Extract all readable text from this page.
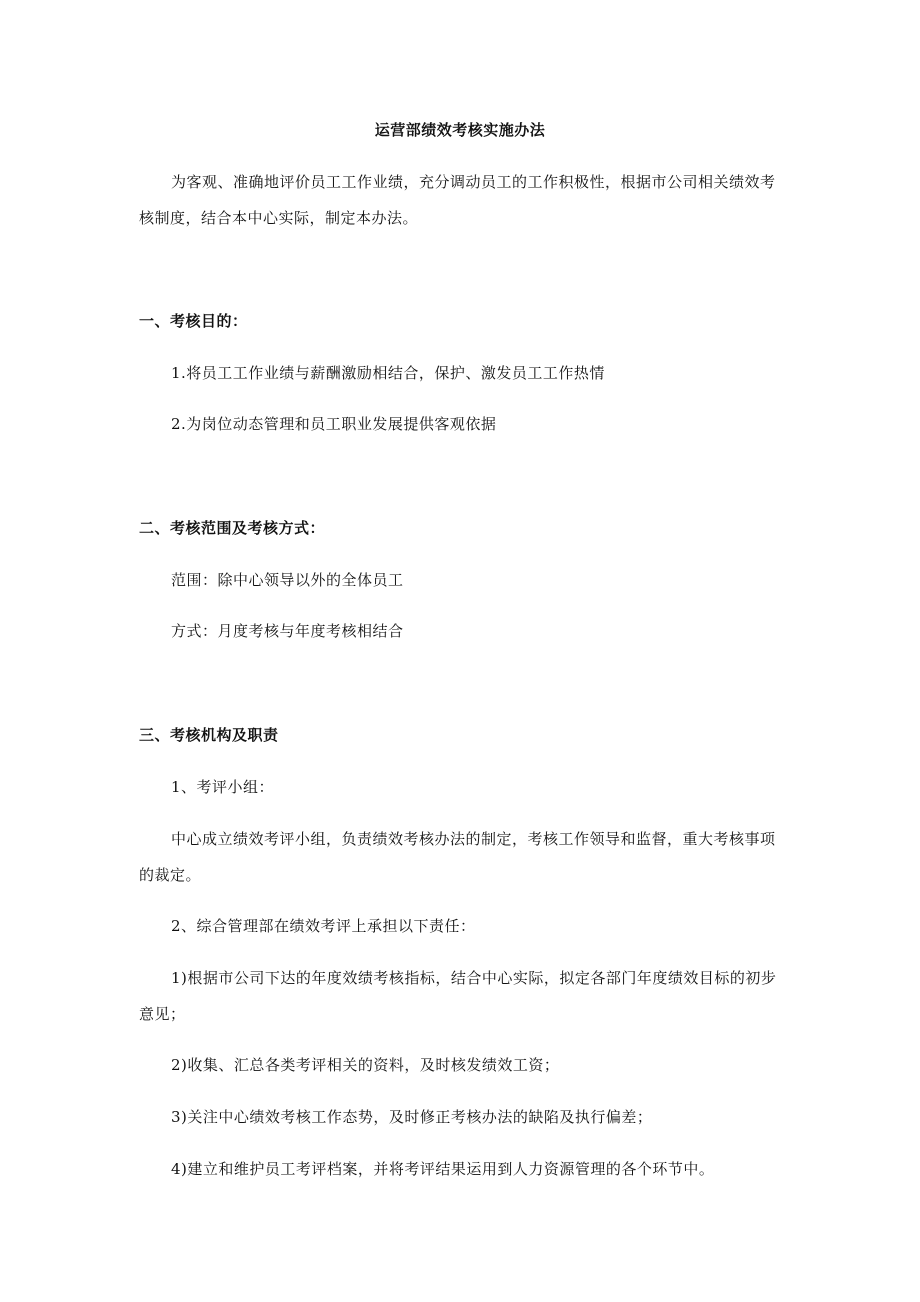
运营部绩效考核实施办法

为客观、准确地评价员工工作业绩，充分调动员工的工作积极性，根据市公司相关绩效考核制度，结合本中心实际，制定本办法。

一、考核目的：
1.将员工工作业绩与薪酬激励相结合，保护、激发员工工作热情
2.为岗位动态管理和员工职业发展提供客观依据
二、考核范围及考核方式：
范围：除中心领导以外的全体员工
方式：月度考核与年度考核相结合
三、考核机构及职责
1、考评小组：

中心成立绩效考评小组，负责绩效考核办法的制定，考核工作领导和监督，重大考核事项的裁定。

2、综合管理部在绩效考评上承担以下责任：

1)根据市公司下达的年度效绩考核指标，结合中心实际，拟定各部门年度绩效目标的初步意见；

2)收集、汇总各类考评相关的资料，及时核发绩效工资；
3)关注中心绩效考核工作态势，及时修正考核办法的缺陷及执行偏差；
4)建立和维护员工考评档案，并将考评结果运用到人力资源管理的各个环节中。
